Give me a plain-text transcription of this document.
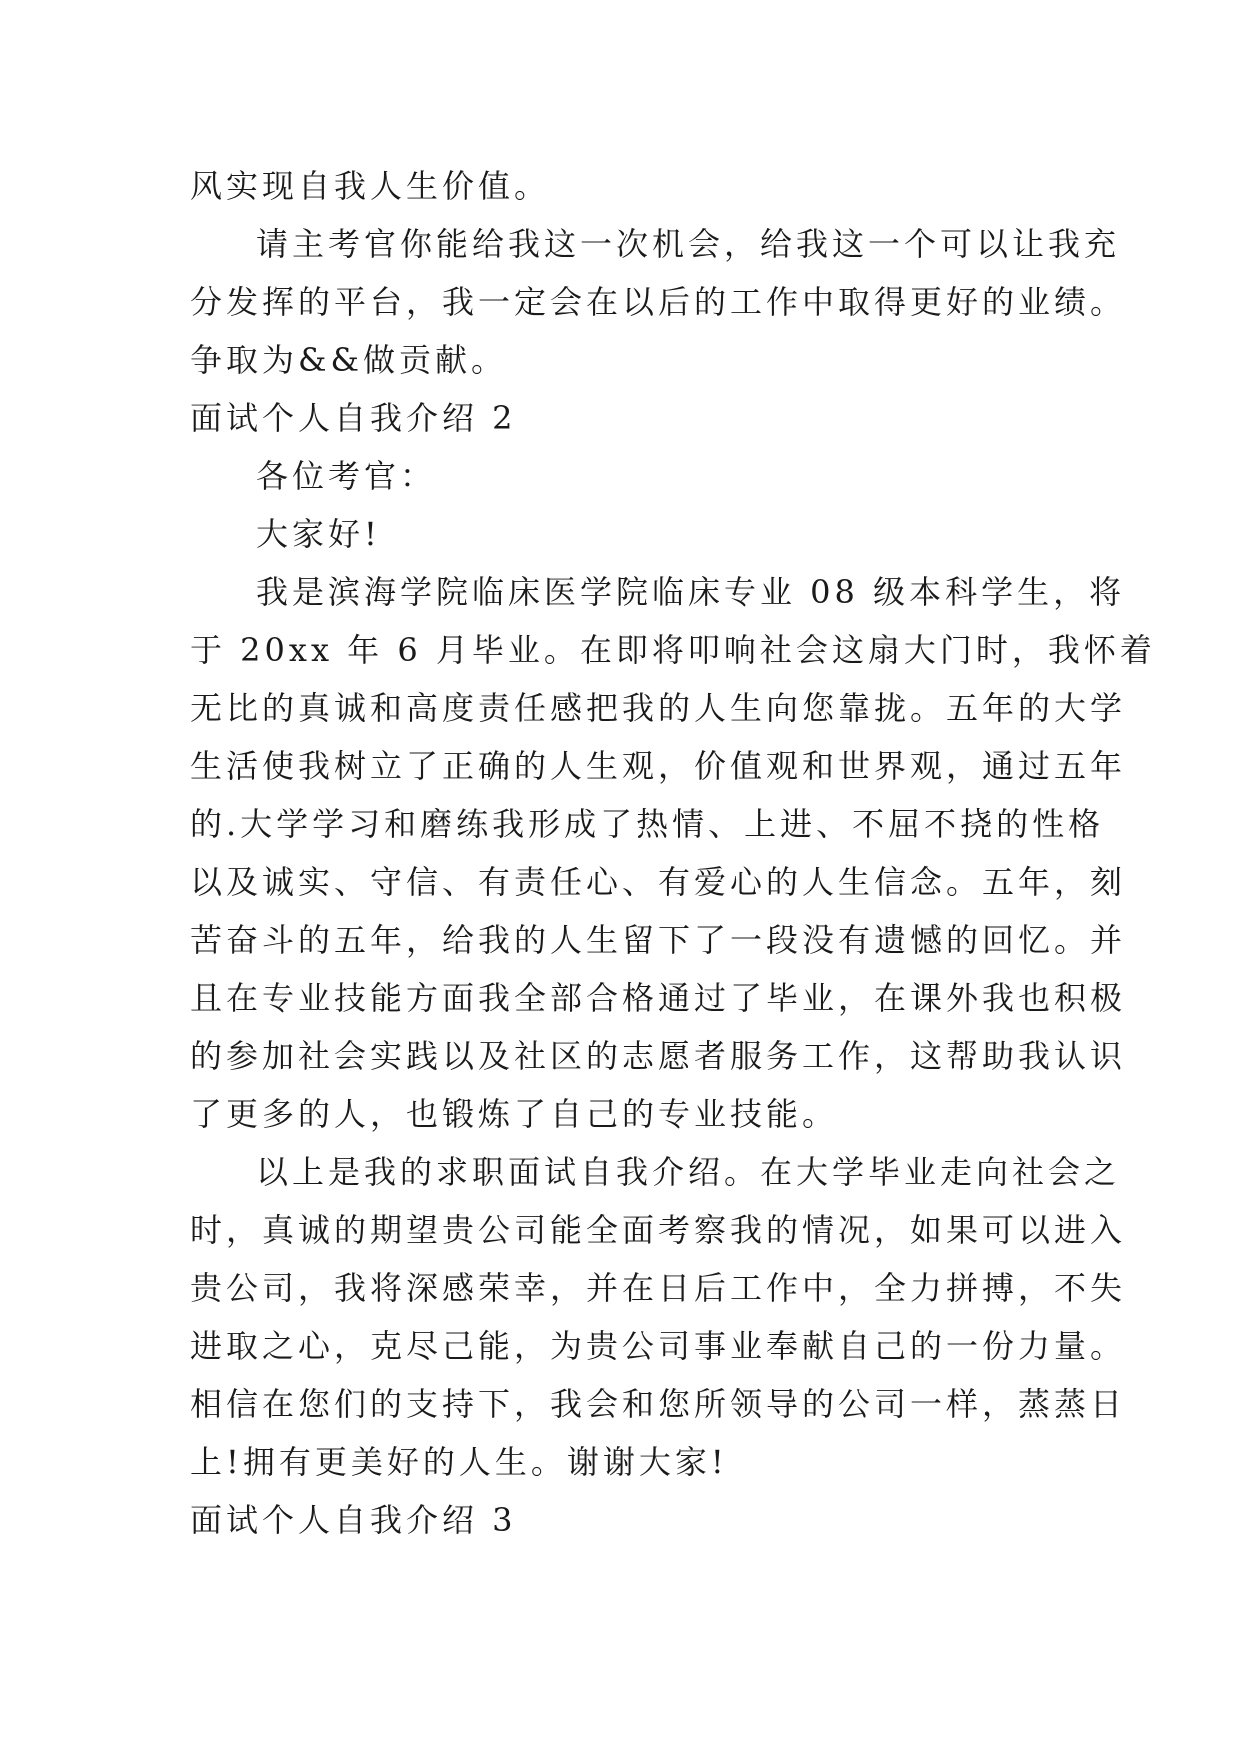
风实现自我人生价值。
请主考官你能给我这一次机会，给我这一个可以让我充
分发挥的平台，我一定会在以后的工作中取得更好的业绩。
争取为&&做贡献。
面试个人自我介绍 2
各位考官：
大家好!
我是滨海学院临床医学院临床专业 08 级本科学生，将
于 20xx 年 6 月毕业。在即将叩响社会这扇大门时，我怀着
无比的真诚和高度责任感把我的人生向您靠拢。五年的大学
生活使我树立了正确的人生观，价值观和世界观，通过五年
的.大学学习和磨练我形成了热情、上进、不屈不挠的性格
以及诚实、守信、有责任心、有爱心的人生信念。五年，刻
苦奋斗的五年，给我的人生留下了一段没有遗憾的回忆。并
且在专业技能方面我全部合格通过了毕业，在课外我也积极
的参加社会实践以及社区的志愿者服务工作，这帮助我认识
了更多的人，也锻炼了自己的专业技能。
以上是我的求职面试自我介绍。在大学毕业走向社会之
时，真诚的期望贵公司能全面考察我的情况，如果可以进入
贵公司，我将深感荣幸，并在日后工作中，全力拼搏，不失
进取之心，克尽己能，为贵公司事业奉献自己的一份力量。
相信在您们的支持下，我会和您所领导的公司一样，蒸蒸日
上!拥有更美好的人生。谢谢大家!
面试个人自我介绍 3
